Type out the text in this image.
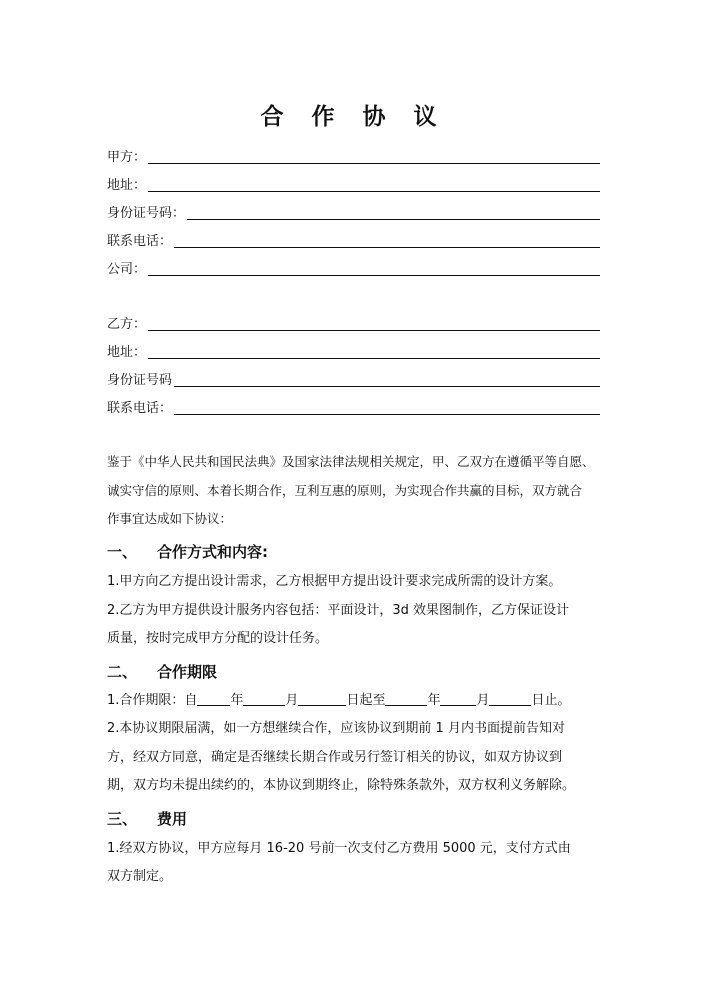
合 作 协 议
甲方：
地址：
身份证号码：
联系电话：
公司：
乙方：
地址：
身份证号码
联系电话：
鉴于《中华人民共和国民法典》及国家法律法规相关规定，甲、乙双方在遵循平等自愿、
诚实守信的原则、本着长期合作，互利互惠的原则，为实现合作共赢的目标，双方就合
作事宜达成如下协议：
一、 合作方式和内容:
1.甲方向乙方提出设计需求，乙方根据甲方提出设计要求完成所需的设计方案。
2.乙方为甲方提供设计服务内容包括：平面设计，3d 效果图制作，乙方保证设计
质量，按时完成甲方分配的设计任务。
二、 合作期限
1.合作期限：自	年	月	日起至	年	月	日止。
2.本协议期限届满，如一方想继续合作，应该协议到期前 1 月内书面提前告知对
方，经双方同意，确定是否继续长期合作或另行签订相关的协议，如双方协议到
期，双方均未提出续约的，本协议到期终止，除特殊条款外，双方权利义务解除。
三、 费用
1.经双方协议，甲方应每月 16-20 号前一次支付乙方费用 5000 元，支付方式由
双方制定。
